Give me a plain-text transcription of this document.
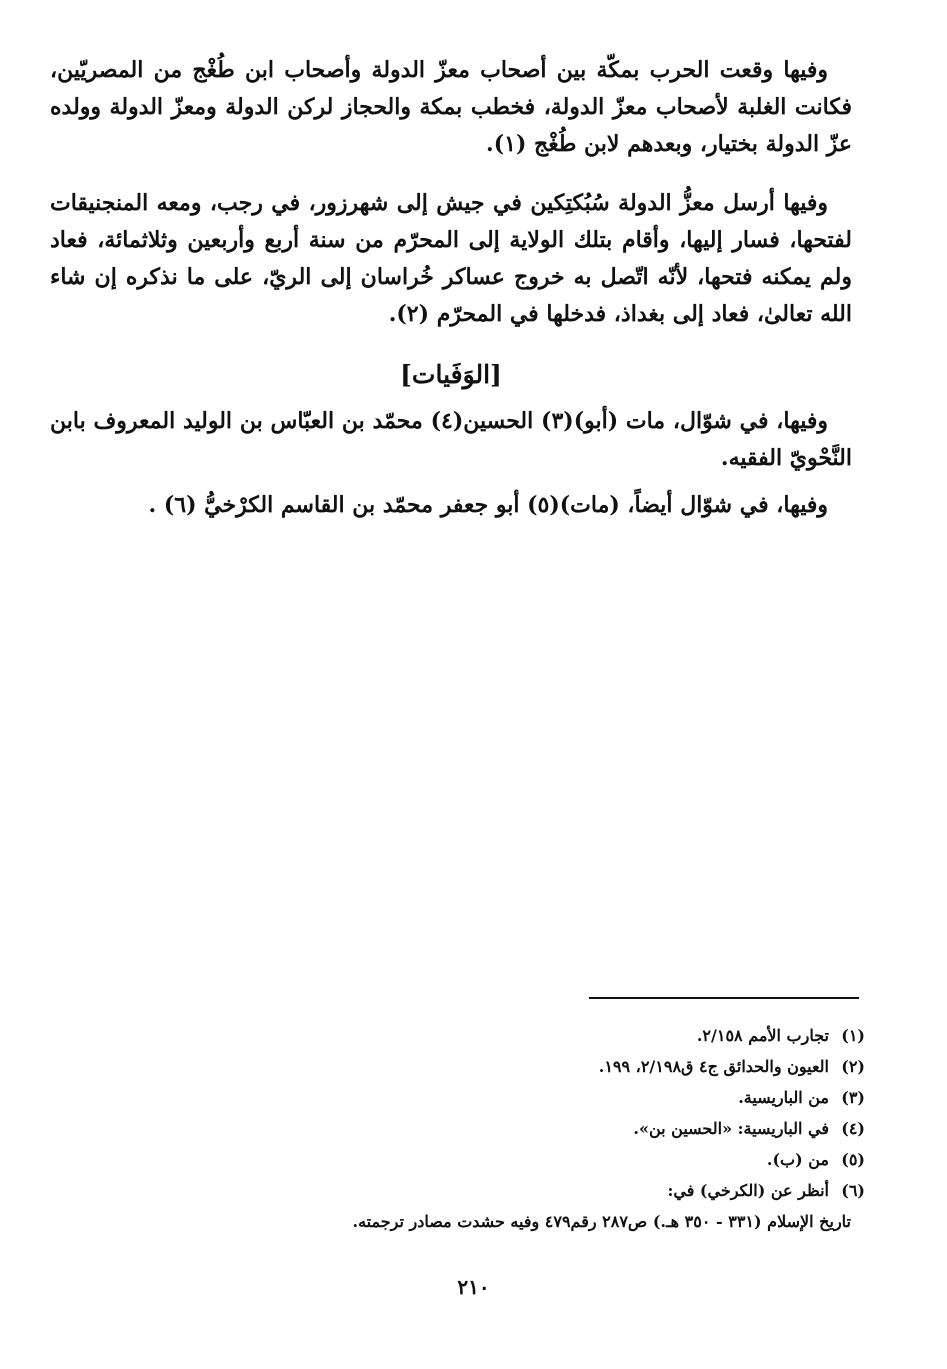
وفيها وقعت الحرب بمكّة بين أصحاب معزّ الدولة وأصحاب ابن طُغْج من المصريّين، فكانت الغلبة لأصحاب معزّ الدولة، فخطب بمكة والحجاز لركن الدولة ومعزّ الدولة وولده عزّ الدولة بختيار، وبعدهم لابن طُغْج (١).

وفيها أرسل معزُّ الدولة سُبُكتِكين في جيش إلى شهرزور، في رجب، ومعه المنجنيقات لفتحها، فسار إليها، وأقام بتلك الولاية إلى المحرّم من سنة أربع وأربعين وثلاثمائة، فعاد ولم يمكنه فتحها، لأنّه اتّصل به خروج عساكر خُراسان إلى الريّ، على ما نذكره إن شاء الله تعالىٰ، فعاد إلى بغداذ، فدخلها في المحرّم (٢).

[الوَفَيات]

وفيها، في شوّال، مات (أبو)(٣) الحسين(٤) محمّد بن العبّاس بن الوليد المعروف بابن النَّحْويّ الفقيه.

وفيها، في شوّال أيضاً، (مات)(٥) أبو جعفر محمّد بن القاسم الكرْخيُّ (٦) .

(١)
تجارب الأمم ٢/١٥٨.
(٢)
العيون والحدائق ج٤ ق٢/١٩٨، ١٩٩.
(٣)
من الباريسية.
(٤)
في الباريسية: «الحسين بن».
(٥)
من (ب).
(٦)
أنظر عن (الكرخي) في:
تاريخ الإسلام (٣٣١ - ٣٥٠ هـ.) ص٢٨٧ رقم٤٧٩ وفيه حشدت مصادر ترجمته.
٢١٠
